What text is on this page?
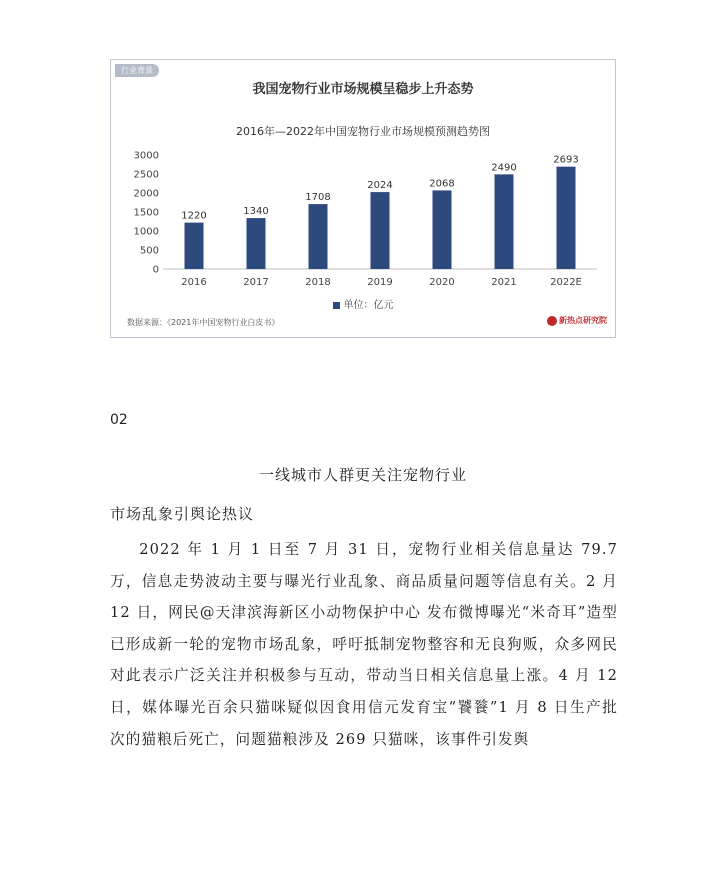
行业背景
我国宠物行业市场规模呈稳步上升态势
2016年—2022年中国宠物行业市场规模预测趋势图
0
500
1000
1500
2000
2500
3000
1220
2016
1340
2017
1708
2018
2024
2019
2068
2020
2490
2021
2693
2022E
单位：亿元
数据来源：《2021年中国宠物行业白皮书》	新热点研究院
02
一线城市人群更关注宠物行业
市场乱象引舆论热议

2022 年 1 月 1 日至 7 月 31 日，宠物行业相关信息量达 79.7 万，信息走势波动主要与曝光行业乱象、商品质量问题等信息有关。2 月 12 日，网民@天津滨海新区小动物保护中心 发布微博曝光“米奇耳”造型已形成新一轮的宠物市场乱象，呼吁抵制宠物整容和无良狗贩，众多网民对此表示广泛关注并积极参与互动，带动当日相关信息量上涨。4 月 12 日，媒体曝光百余只猫咪疑似因食用信元发育宝“饕餮”1 月 8 日生产批次的猫粮后死亡，问题猫粮涉及 269 只猫咪，该事件引发舆
